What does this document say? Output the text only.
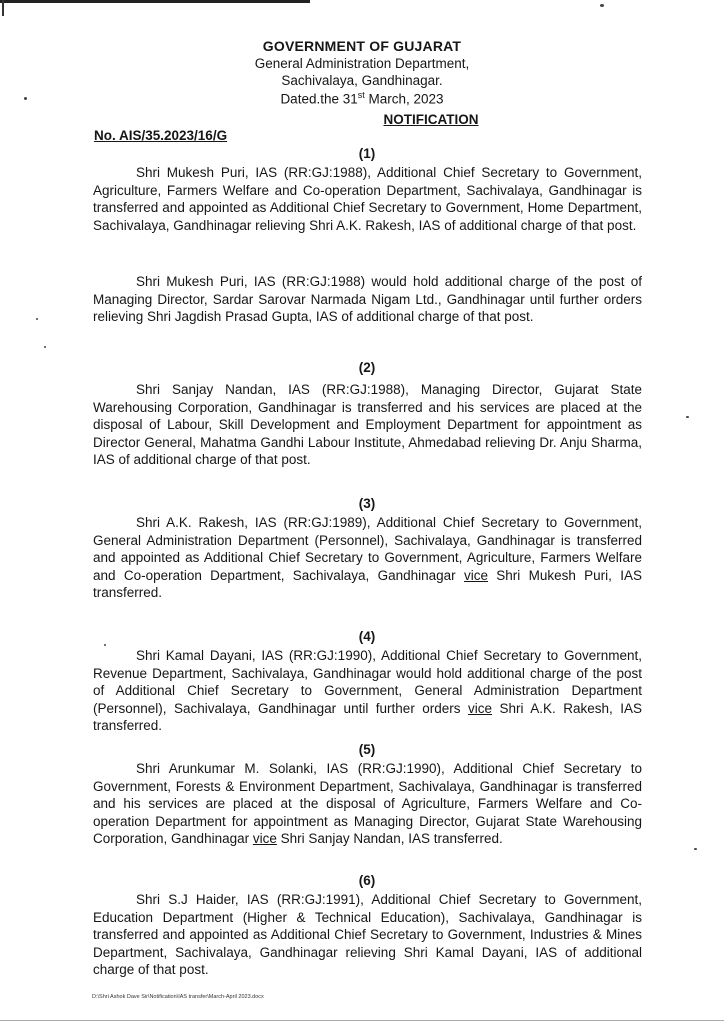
GOVERNMENT OF GUJARAT
General Administration Department,
Sachivalaya, Gandhinagar.
Dated.the 31st March, 2023
NOTIFICATION
No. AIS/35.2023/16/G
(1)

Shri Mukesh Puri, IAS (RR:GJ:1988), Additional Chief Secretary to Government, Agriculture, Farmers Welfare and Co-operation Department, Sachivalaya, Gandhinagar is transferred and appointed as Additional Chief Secretary to Government, Home Department, Sachivalaya, Gandhinagar relieving Shri A.K. Rakesh, IAS of additional charge of that post.

Shri Mukesh Puri, IAS (RR:GJ:1988) would hold additional charge of the post of Managing Director, Sardar Sarovar Narmada Nigam Ltd., Gandhinagar until further orders relieving Shri Jagdish Prasad Gupta, IAS of additional charge of that post.

(2)

Shri Sanjay Nandan, IAS (RR:GJ:1988), Managing Director, Gujarat State Warehousing Corporation, Gandhinagar is transferred and his services are placed at the disposal of Labour, Skill Development and Employment Department for appointment as Director General, Mahatma Gandhi Labour Institute, Ahmedabad relieving Dr. Anju Sharma, IAS of additional charge of that post.

(3)

Shri A.K. Rakesh, IAS (RR:GJ:1989), Additional Chief Secretary to Government, General Administration Department (Personnel), Sachivalaya, Gandhinagar is transferred and appointed as Additional Chief Secretary to Government, Agriculture, Farmers Welfare and Co-operation Department, Sachivalaya, Gandhinagar vice Shri Mukesh Puri, IAS transferred.

(4)

Shri Kamal Dayani, IAS (RR:GJ:1990), Additional Chief Secretary to Government, Revenue Department, Sachivalaya, Gandhinagar would hold additional charge of the post of Additional Chief Secretary to Government, General Administration Department (Personnel), Sachivalaya, Gandhinagar until further orders vice Shri A.K. Rakesh, IAS transferred.

(5)

Shri Arunkumar M. Solanki, IAS (RR:GJ:1990), Additional Chief Secretary to Government, Forests & Environment Department, Sachivalaya, Gandhinagar is transferred and his services are placed at the disposal of Agriculture, Farmers Welfare and Co-operation Department for appointment as Managing Director, Gujarat State Warehousing Corporation, Gandhinagar vice Shri Sanjay Nandan, IAS transferred.

(6)

Shri S.J Haider, IAS (RR:GJ:1991), Additional Chief Secretary to Government, Education Department (Higher & Technical Education), Sachivalaya, Gandhinagar is transferred and appointed as Additional Chief Secretary to Government, Industries & Mines Department, Sachivalaya, Gandhinagar relieving Shri Kamal Dayani, IAS of additional charge of that post.

D:\Shri Ashok Dave Sir\Notification\IAS transfer\March-April 2023.docx
